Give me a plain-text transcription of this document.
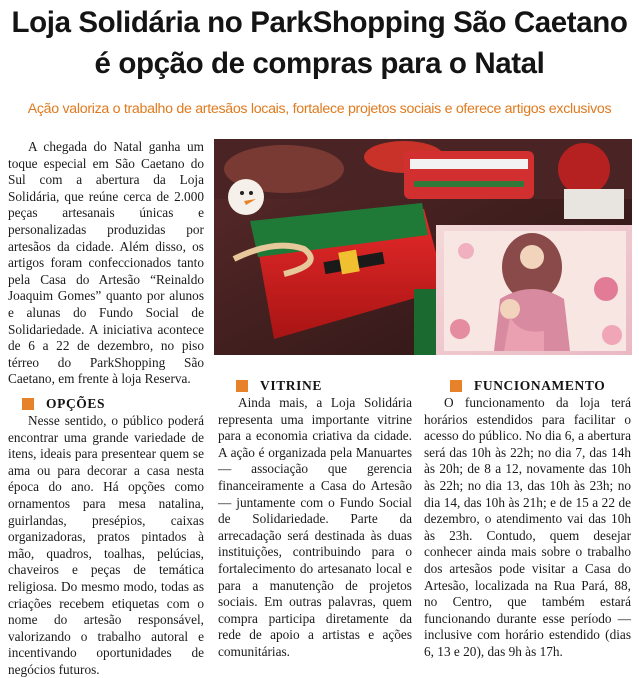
Loja Solidária no ParkShopping São Caetano é opção de compras para o Natal
Ação valoriza o trabalho de artesãos locais, fortalece projetos sociais e oferece artigos exclusivos

A chegada do Natal ganha um toque especial em São Caetano do Sul com a abertura da Loja Solidária, que reúne cerca de 2.000 peças artesanais únicas e personalizadas produzidas por artesãos da cidade. Além disso, os artigos foram confeccionados tanto pela Casa do Artesão “Reinaldo Joaquim Gomes” quanto por alunos e alunas do Fundo Social de Solidariedade. A iniciativa acontece de 6 a 22 de dezembro, no piso térreo do ParkShopping São Caetano, em frente à loja Reserva.

OPÇÕES

Nesse sentido, o público poderá encontrar uma grande variedade de itens, ideais para presentear quem se ama ou para decorar a casa nesta época do ano. Há opções como ornamentos para mesa natalina, guirlandas, presépios, caixas organizadoras, pratos pintados à mão, quadros, toalhas, pelúcias, chaveiros e peças de temática religiosa. Do mesmo modo, todas as criações recebem etiquetas com o nome do artesão responsável, valorizando o trabalho autoral e incentivando oportunidades de negócios futuros.

VITRINE

Ainda mais, a Loja Solidária representa uma importante vitrine para a economia criativa da cidade. A ação é organizada pela Manuartes — associação que gerencia financeiramente a Casa do Artesão — juntamente com o Fundo Social de Solidariedade. Parte da arrecadação será destinada às duas instituições, contribuindo para o fortalecimento do artesanato local e para a manutenção de projetos sociais. Em outras palavras, quem compra participa diretamente da rede de apoio a artistas e ações comunitárias.

FUNCIONAMENTO

O funcionamento da loja terá horários estendidos para facilitar o acesso do público. No dia 6, a abertura será das 10h às 22h; no dia 7, das 14h às 20h; de 8 a 12, novamente das 10h às 22h; no dia 13, das 10h às 23h; no dia 14, das 10h às 21h; e de 15 a 22 de dezembro, o atendimento vai das 10h às 23h. Contudo, quem desejar conhecer ainda mais sobre o trabalho dos artesãos pode visitar a Casa do Artesão, localizada na Rua Pará, 88, no Centro, que também estará funcionando durante esse período — inclusive com horário estendido (dias 6, 13 e 20), das 9h às 17h.
